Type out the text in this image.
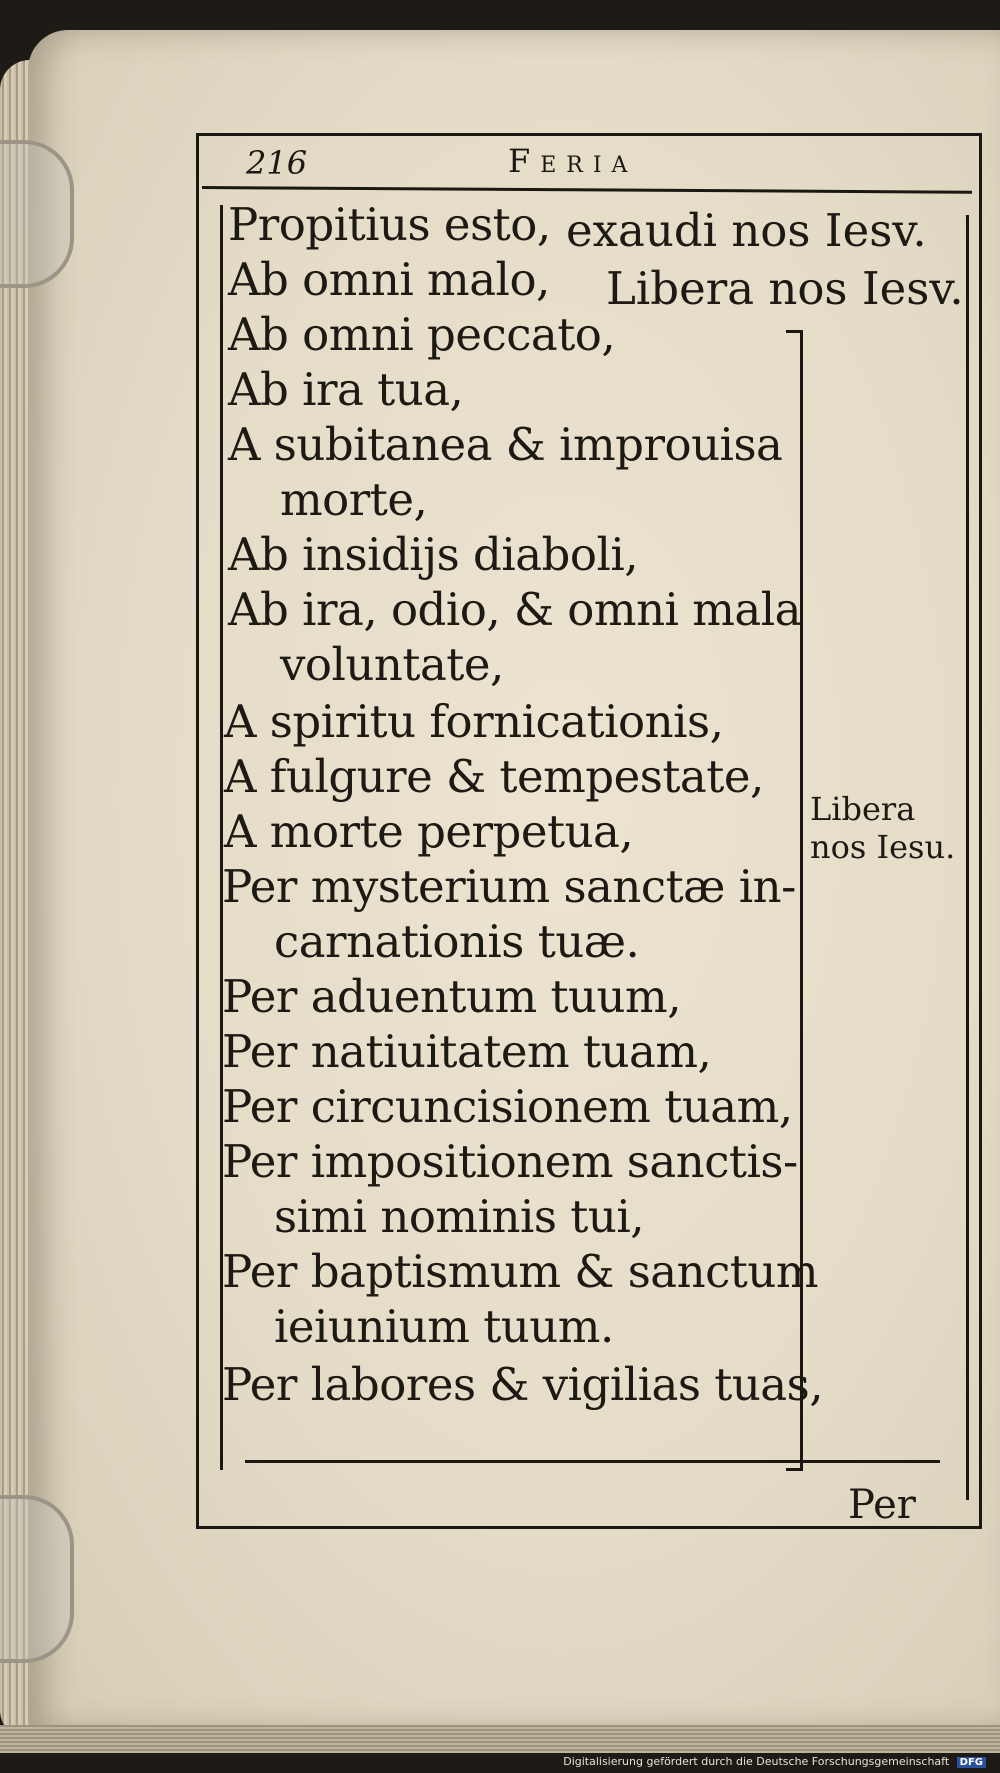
216	Feria
Propitius esto,
Ab omni malo,
Ab omni peccato,
Ab ira tua,
A subitanea & improuisa
morte,
Ab insidijs diaboli,
Ab ira, odio, & omni mala
voluntate,
A spiritu fornicationis,
A fulgure & tempestate,
A morte perpetua,
Per mysterium sanctæ in-
carnationis tuæ.
Per aduentum tuum,
Per natiuitatem tuam,
Per circuncisionem tuam,
Per impositionem sanctis-
simi nominis tui,
Per baptismum & sanctum
ieiunium tuum.
Per labores & vigilias tuas,
exaudi nos Iesv.
Libera nos Iesv.
Libera
nos Iesu.
Per
Digitalisierung gefördert durch die Deutsche Forschungsgemeinschaft DFG
